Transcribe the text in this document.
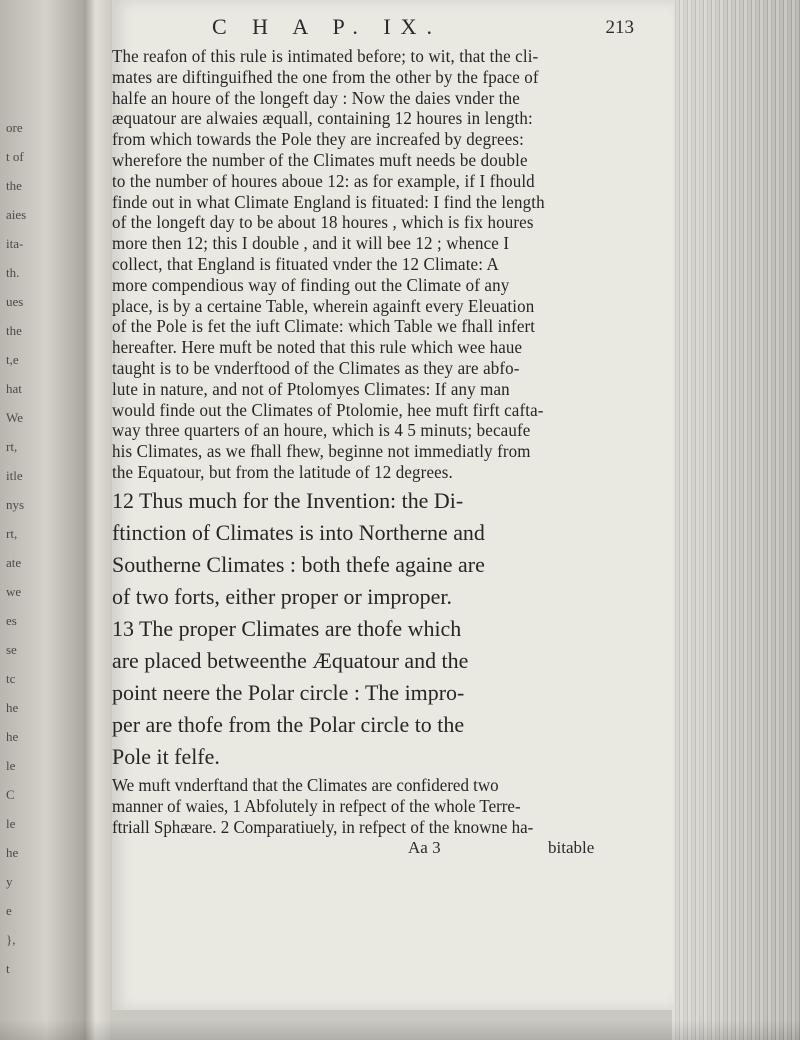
ore
t of
the
aies
ita-
th.
ues
the
t,e
hat
We
rt,
itle
nys
rt,
ate
we
es
se
tc
he
he
le
C
le
he
y
e
},
t
C H A P. IX.	213
The reafon of this rule is intimated before; to wit, that the cli-
mates are diftinguifhed the one from the other by the fpace of
halfe an houre of the longeft day : Now the daies vnder the
æquatour are alwaies æquall, containing 12 houres in length:
from which towards the Pole they are increafed by degrees:
wherefore the number of the Climates muft needs be double
to the number of houres aboue 12: as for example, if I fhould
finde out in what Climate England is fituated: I find the length
of the longeft day to be about 18 houres , which is fix houres
more then 12; this I double , and it will bee 12 ; whence I
collect, that England is fituated vnder the 12 Climate: A
more compendious way of finding out the Climate of any
place, is by a certaine Table, wherein againft every Eleuation
of the Pole is fet the iuft Climate: which Table we fhall infert
hereafter. Here muft be noted that this rule which wee haue
taught is to be vnderftood of the Climates as they are abfo-
lute in nature, and not of Ptolomyes Climates: If any man
would finde out the Climates of Ptolomie, hee muft firft cafta-
way three quarters of an houre, which is 4 5 minuts; becaufe
his Climates, as we fhall fhew, beginne not immediatly from
the Equatour, but from the latitude of 12 degrees.
12 Thus much for the Invention: the Di-
ftinction of Climates is into Northerne and
Southerne Climates : both thefe againe are
of two forts, either proper or improper.
13 The proper Climates are thofe which
are placed betweenthe Æquatour and the
point neere the Polar circle : The impro-
per are thofe from the Polar circle to the
Pole it felfe.
We muft vnderftand that the Climates are confidered two
manner of waies, 1 Abfolutely in refpect of the whole Terre-
ftriall Sphæare. 2 Comparatiuely, in refpect of the knowne ha-
Aa 3	bitable
